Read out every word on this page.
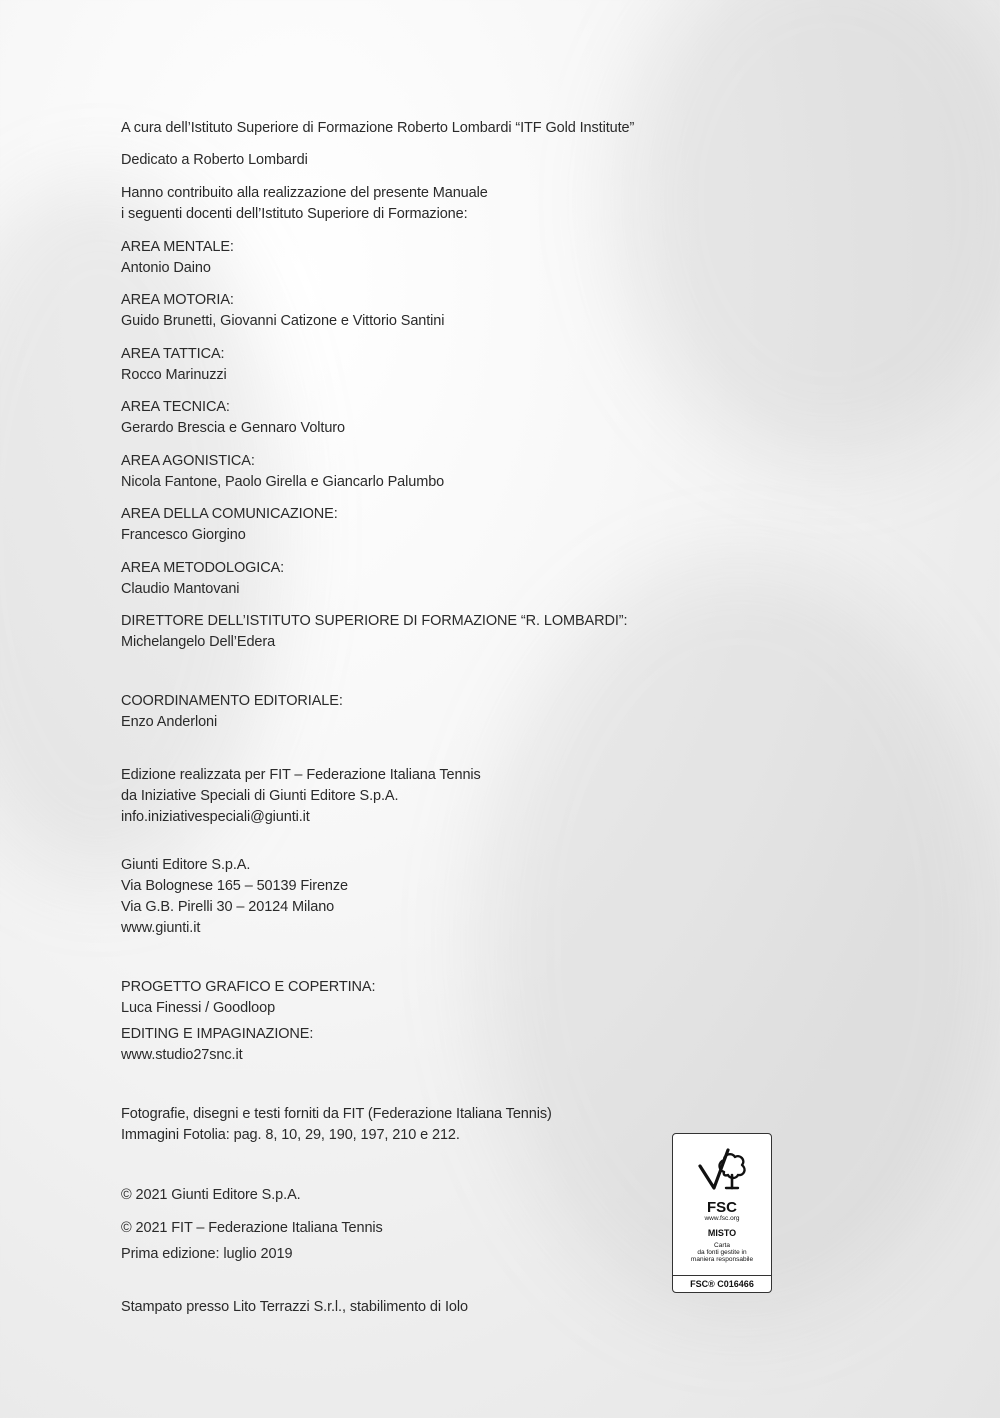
A cura dell’Istituto Superiore di Formazione Roberto Lombardi “ITF Gold Institute”
Dedicato a Roberto Lombardi
Hanno contribuito alla realizzazione del presente Manuale
i seguenti docenti dell’Istituto Superiore di Formazione:
AREA MENTALE:
Antonio Daino
AREA MOTORIA:
Guido Brunetti, Giovanni Catizone e Vittorio Santini
AREA TATTICA:
Rocco Marinuzzi
AREA TECNICA:
Gerardo Brescia e Gennaro Volturo
AREA AGONISTICA:
Nicola Fantone, Paolo Girella e Giancarlo Palumbo
AREA DELLA COMUNICAZIONE:
Francesco Giorgino
AREA METODOLOGICA:
Claudio Mantovani
DIRETTORE DELL’ISTITUTO SUPERIORE DI FORMAZIONE “R. LOMBARDI”:
Michelangelo Dell’Edera
COORDINAMENTO EDITORIALE:
Enzo Anderloni
Edizione realizzata per FIT – Federazione Italiana Tennis
da Iniziative Speciali di Giunti Editore S.p.A.
info.iniziativespeciali@giunti.it
Giunti Editore S.p.A.
Via Bolognese 165 – 50139 Firenze
Via G.B. Pirelli 30 – 20124 Milano
www.giunti.it
PROGETTO GRAFICO E COPERTINA:
Luca Finessi / Goodloop
EDITING E IMPAGINAZIONE:
www.studio27snc.it
Fotografie, disegni e testi forniti da FIT (Federazione Italiana Tennis)
Immagini Fotolia: pag. 8, 10, 29, 190, 197, 210 e 212.
© 2021 Giunti Editore S.p.A.
© 2021 FIT – Federazione Italiana Tennis
Prima edizione: luglio 2019
Stampato presso Lito Terrazzi S.r.l., stabilimento di Iolo
FSC
www.fsc.org
MISTO
Carta
da fonti gestite in
maniera responsabile
FSC® C016466
